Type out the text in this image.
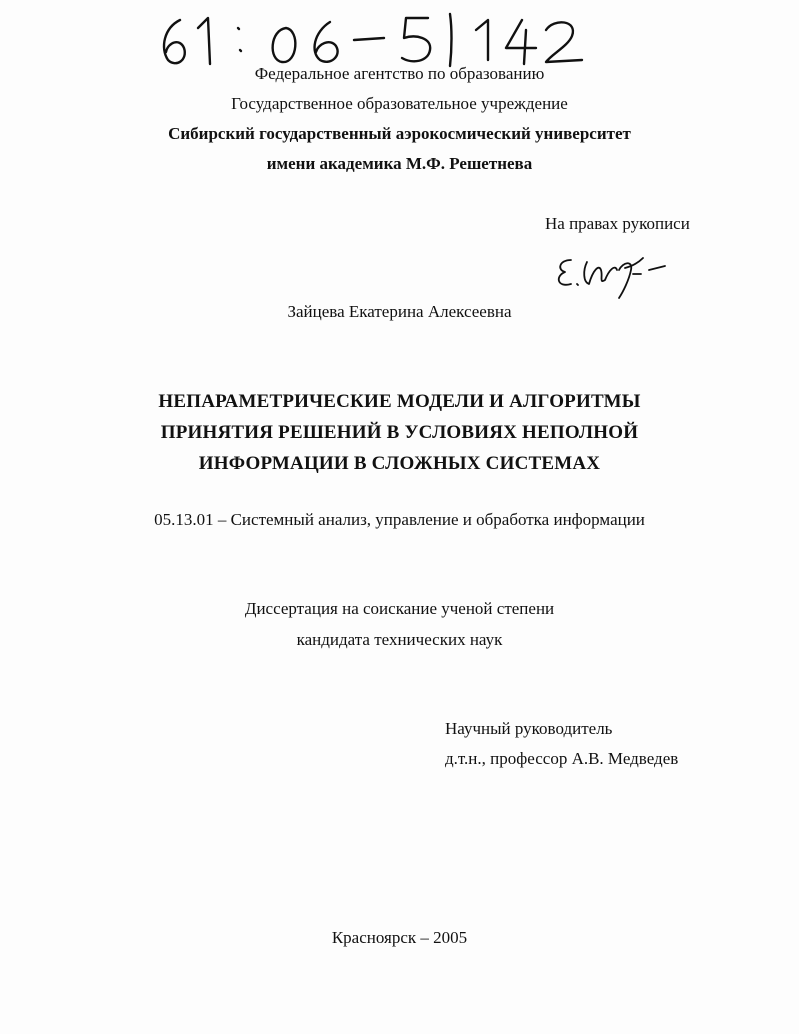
Федеральное агентство по образованию
Государственное образовательное учреждение
Сибирский государственный аэрокосмический университет
имени академика М.Ф. Решетнева
На правах рукописи
Зайцева Екатерина Алексеевна
НЕПАРАМЕТРИЧЕСКИЕ МОДЕЛИ И АЛГОРИТМЫ
ПРИНЯТИЯ РЕШЕНИЙ В УСЛОВИЯХ НЕПОЛНОЙ
ИНФОРМАЦИИ В СЛОЖНЫХ СИСТЕМАХ
05.13.01 – Системный анализ, управление и обработка информации
Диссертация на соискание ученой степени
кандидата технических наук
Научный руководитель
д.т.н., профессор А.В. Медведев
Красноярск – 2005
